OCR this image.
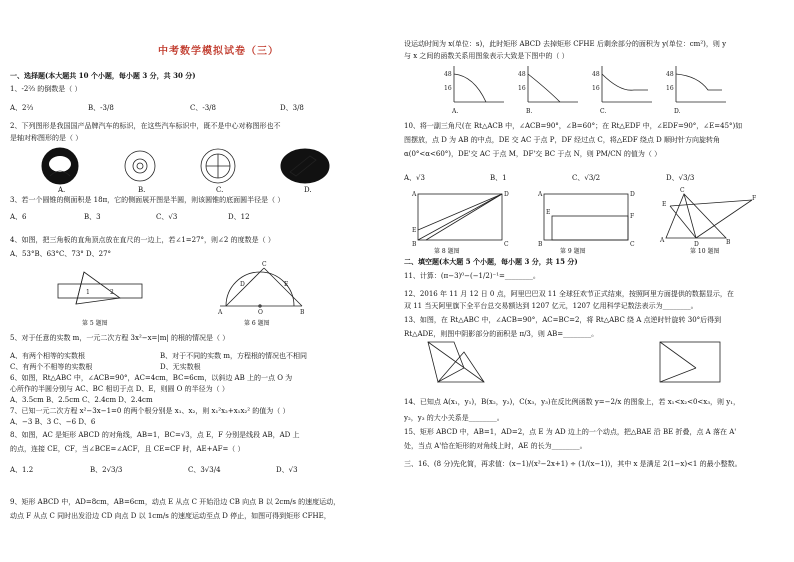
中考数学模拟试卷（三）
一、选择题(本大题共 10 个小题，每小题 3 分，共 30 分)
1、-2⅔ 的倒数是（ ）
A、2⅔	B、-3/8	C、-3/8	D、3/8
2、下列图形是我国国产品牌汽车的标识，在这些汽车标识中，既不是中心对称图形也不
是轴对称图形的是（ ）
A.	B.	C.	D.
3、若一个圆锥的侧面积是 18π，它的侧面展开图是半圆，则该圆锥的底面圆半径是（ ）
A、6	B、3	C、√3	D、12
4、如图，把三角板的直角顶点放在直尺的一边上，若∠1=27°，则∠2 的度数是（ ）
A、53°B、63°C、73° D、27°
1	2
第 5 题图
C
A	O	B
D	E
第 6 题图
5、对于任意的实数 m，一元二次方程 3x²−x=|m| 的根的情况是（ ）
A、有两个相等的实数根	B、对于不同的实数 m，方程根的情况也不相同
C、有两个不相等的实数根	D、无实数根
6、如图，Rt△ABC 中，∠ACB=90°，AC=4cm，BC=6cm，以斜边 AB 上的一点 O 为
心所作的半圆分别与 AC、BC 相切于点 D、E，则圆 O 的半径为（ ）
A、3.5cm B、2.5cm C、2.4cm D、2.4cm
7、已知一元二次方程 x²−3x−1=0 的两个根分别是 x₁、x₂，则 x₁²x₂+x₁x₂² 的值为（ ）
A、−3 B、3 C、−6 D、6
8、如图，AC 是矩形 ABCD 的对角线，AB=1，BC=√3，点 E，F 分别是线段 AB，AD 上
的点，连接 CE，CF，当∠BCE=∠ACF，且 CE=CF 时，AE+AF=（ ）
A、1.2	B、2√3/3	C、3√3/4	D、√3
9、矩形 ABCD 中，AD=8cm，AB=6cm，动点 E 从点 C 开始沿边 CB 向点 B 以 2cm/s 的速度运动，
动点 F 从点 C 同时出发沿边 CD 向点 D 以 1cm/s 的速度运动至点 D 停止，如图可得到矩形 CFHE，
设运动时间为 x(单位：s)，此时矩形 ABCD 去掉矩形 CFHE 后剩余部分的面积为 y(单位：cm²)，则 y
与 x 之间的函数关系用图象表示大致是下图中的（ ）
48
16
48
16
48
16
48
16
A.	B.	C.	D.
10、将一副三角尺(在 Rt△ACB 中，∠ACB=90°，∠B=60°；在 Rt△EDF 中，∠EDF=90°，∠E=45°)如
图摆放，点 D 为 AB 的中点，DE 交 AC 于点 P，DF 经过点 C，将△EDF 绕点 D 顺时针方向旋转角
α(0°<α<60°)，DE'交 AC 于点 M，DF'交 BC 于点 N，则 PM/CN 的值为（ ）
A、√3	B、1	C、√3/2	D、√3/3
A	D
B	C
E
第 8 题图
A	D
B	C
E
F
第 9 题图
C
A
D	B
F
E
第 10 题图
二、填空题(本大题 5 个小题，每小题 3 分，共 15 分)
11、计算：(π−3)⁰−(−1/2)⁻¹=________。
12、2016 年 11 月 12 日 0 点，阿里巴巴双 11 全球狂欢节正式结束，按照阿里方面提供的数据显示，在
双 11 当天阿里旗下全平台总交易额达到 1207 亿元，1207 亿用科学记数法表示为________。
13、如图，在 Rt△ABC 中，∠ACB=90°，AC=BC=2，将 Rt△ABC 绕 A 点逆时针旋转 30°后得到
Rt△ADE，则图中阴影部分的面积是 π/3，则 AB=________。
14、已知点 A(x₁，y₁)，B(x₂，y₂)，C(x₃，y₃)在反比例函数 y=−2/x 的图象上，若 x₁<x₂<0<x₃，则 y₁，
y₂，y₃ 的大小关系是________。
15、矩形 ABCD 中，AB=1，AD=2，点 E 为 AD 边上的一个动点，把△BAE 沿 BE 折叠，点 A 落在 A'
处，当点 A'恰在矩形的对角线上时，AE 的长为________。
三、16、(8 分)先化简，再求值：(x−1)/(x²−2x+1) ÷ (1/(x−1))，其中 x 是满足 2(1−x)<1 的最小整数。
